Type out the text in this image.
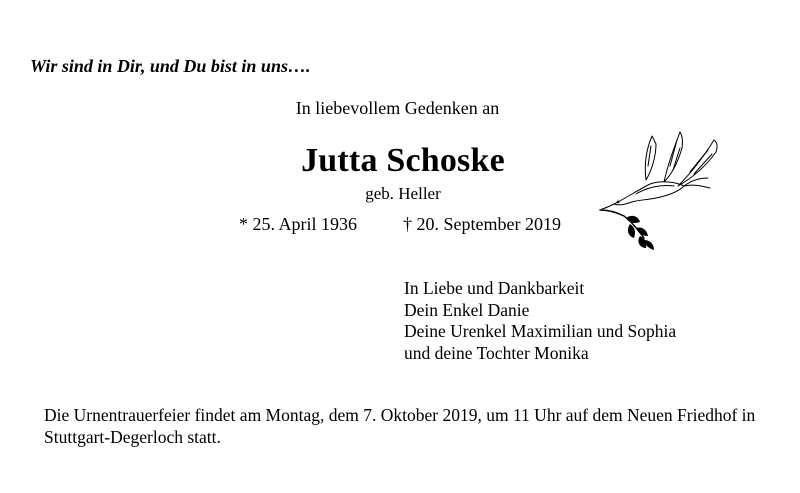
Wir sind in Dir, und Du bist in uns….
In liebevollem Gedenken an
Jutta Schoske
geb. Heller
* 25. April 1936	† 20. September 2019
In Liebe und Dankbarkeit
Dein Enkel Danie
Deine Urenkel Maximilian und Sophia
und deine Tochter Monika
Die Urnentrauerfeier findet am Montag, dem 7. Oktober 2019, um 11 Uhr auf dem Neuen Friedhof in Stuttgart-Degerloch statt.
